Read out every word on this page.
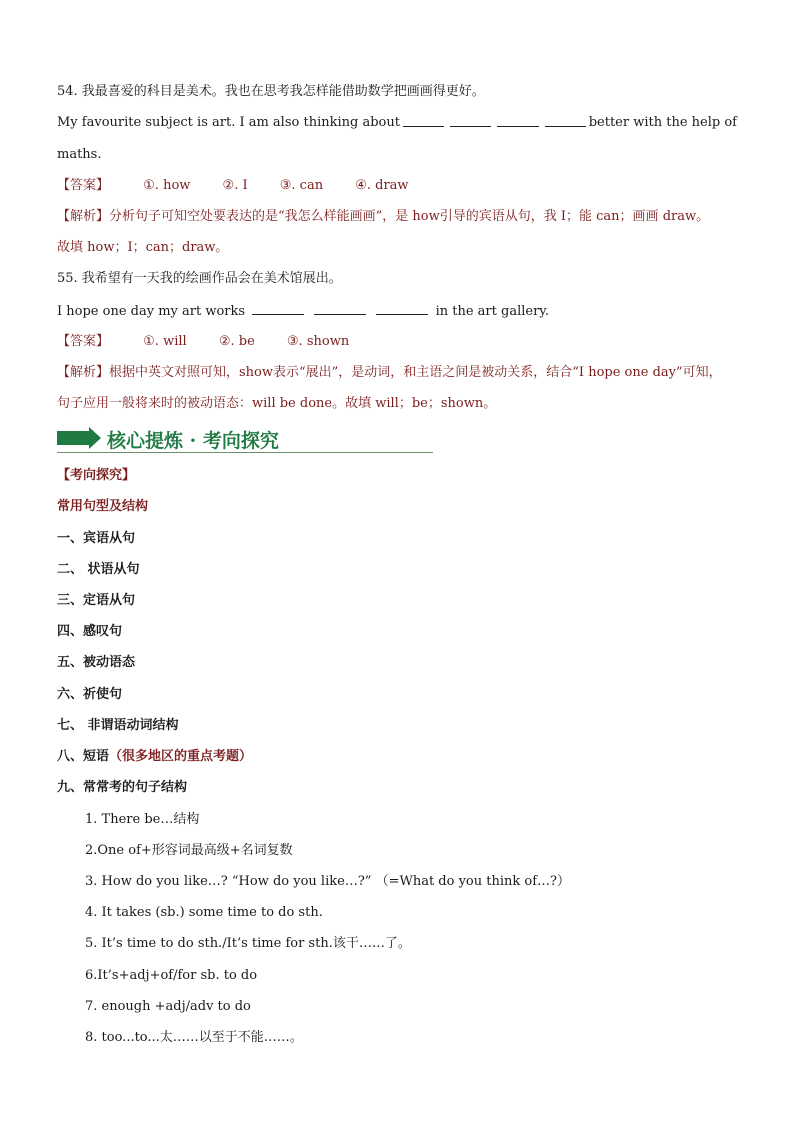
54. 我最喜爱的科目是美术。我也在思考我怎样能借助数学把画画得更好。
My favourite subject is art. I am also thinking about	better with the help of
maths.
【答案】	①. how ②. I ③. can ④. draw
【解析】分析句子可知空处要表达的是“我怎么样能画画”，是 how引导的宾语从句，我 I；能 can；画画 draw。
故填 how；I；can；draw。
55. 我希望有一天我的绘画作品会在美术馆展出。
I hope one day my art works	in the art gallery.
【答案】	①. will ②. be ③. shown
【解析】根据中英文对照可知，show表示“展出”，是动词，和主语之间是被动关系，结合“I hope one day”可知，
句子应用一般将来时的被动语态：will be done。故填 will；be；shown。
核心提炼 · 考向探究
【考向探究】
常用句型及结构
一、宾语从句
二、 状语从句
三、定语从句
四、感叹句
五、被动语态
六、祈使句
七、 非谓语动词结构
八、短语（很多地区的重点考题）
九、常常考的句子结构
1. There be…结构
2.One of+形容词最高级+名词复数
3. How do you like…? “How do you like…?” （=What do you think of…?）
4. It takes (sb.) some time to do sth.
5. It’s time to do sth./It’s time for sth.该干……了。
6.It’s+adj+of/for sb. to do
7. enough +adj/adv to do
8. too...to...太……以至于不能……。
